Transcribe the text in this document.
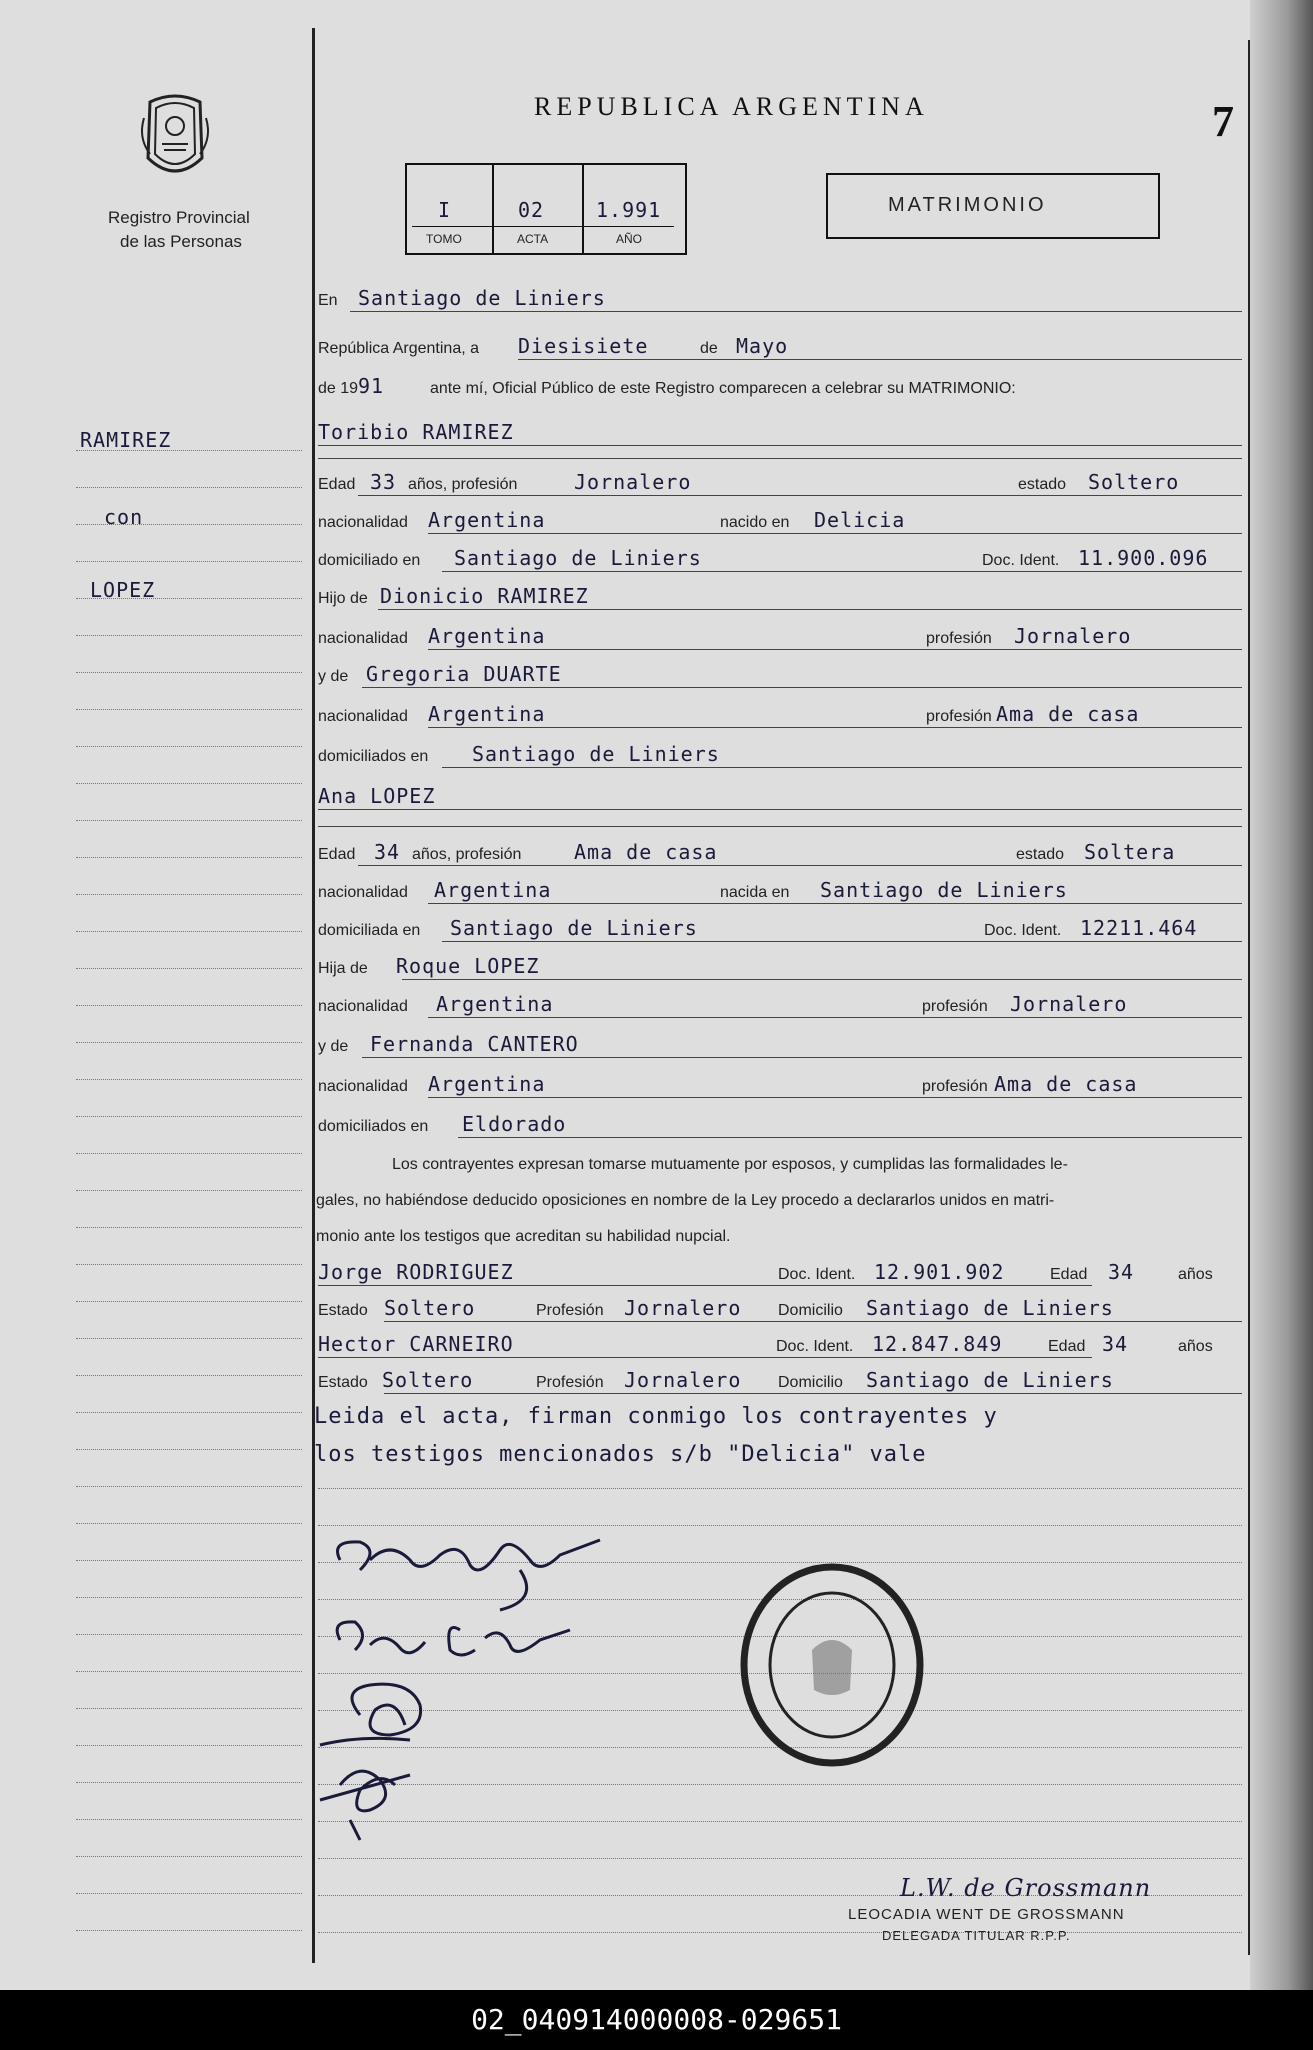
Registro Provincial
de las Personas
REPUBLICA ARGENTINA	7
I	02	1.991
TOMO	ACTA	AÑO
MATRIMONIO
RAMIREZ
con
LOPEZ
En Santiago de Liniers
República Argentina, a Diesisiete	de Mayo
de 19 91	ante mí, Oficial Público de este Registro comparecen a celebrar su MATRIMONIO:
Toribio RAMIREZ
Edad 33 años, profesión	Jornalero	estado Soltero
nacionalidad Argentina	nacido en Delicia
domiciliado en Santiago de Liniers	Doc. Ident. 11.900.096
Hijo de Dionicio RAMIREZ
nacionalidad Argentina	profesión Jornalero
y de Gregoria DUARTE
nacionalidad Argentina	profesión Ama de casa
domiciliados en Santiago de Liniers
Ana LOPEZ
Edad 34 años, profesión	Ama de casa	estado Soltera
nacionalidad Argentina	nacida en Santiago de Liniers
domiciliada en Santiago de Liniers	Doc. Ident. 12211.464
Hija de Roque LOPEZ
nacionalidad Argentina	profesión Jornalero
y de Fernanda CANTERO
nacionalidad Argentina	profesión Ama de casa
domiciliados en Eldorado
Los contrayentes expresan tomarse mutuamente por esposos, y cumplidas las formalidades le-
gales, no habiéndose deducido oposiciones en nombre de la Ley procedo a declararlos unidos en matri-
monio ante los testigos que acreditan su habilidad nupcial.
Jorge RODRIGUEZ	Doc. Ident. 12.901.902	Edad 34	años
Estado Soltero	Profesión Jornalero Domicilio Santiago de Liniers
Hector CARNEIRO	Doc. Ident. 12.847.849	Edad 34	años
Estado Soltero	Profesión Jornalero Domicilio Santiago de Liniers
Leida el acta, firman conmigo los contrayentes y
los testigos mencionados s/b "Delicia" vale
L.W. de Grossmann
LEOCADIA WENT DE GROSSMANN
DELEGADA TITULAR R.P.P.
02_040914000008-029651
